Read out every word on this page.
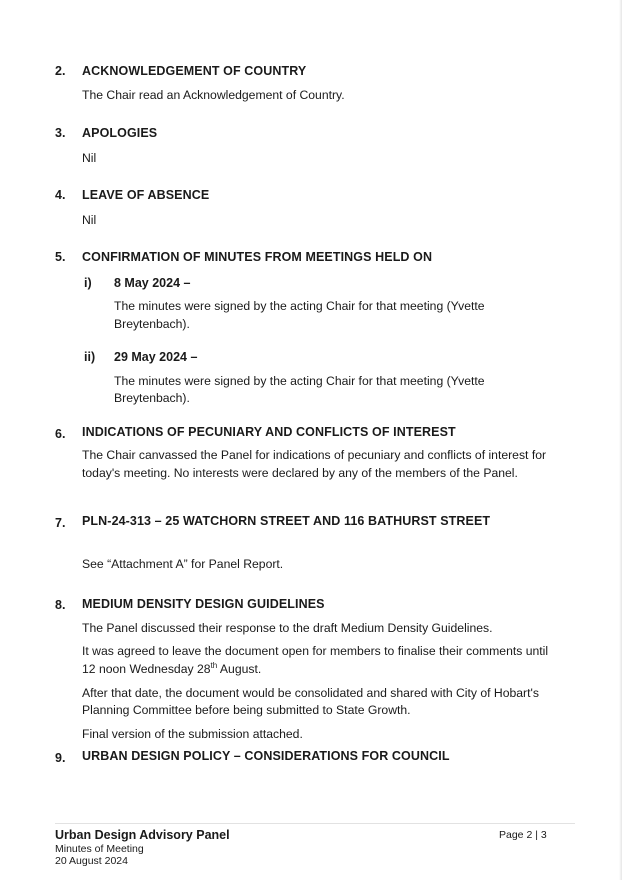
2. ACKNOWLEDGEMENT OF COUNTRY
The Chair read an Acknowledgement of Country.
3. APOLOGIES
Nil
4. LEAVE OF ABSENCE
Nil
5. CONFIRMATION OF MINUTES FROM MEETINGS HELD ON
i) 8 May 2024 –
The minutes were signed by the acting Chair for that meeting (Yvette
Breytenbach).
ii) 29 May 2024 –
The minutes were signed by the acting Chair for that meeting (Yvette
Breytenbach).
6. INDICATIONS OF PECUNIARY AND CONFLICTS OF INTEREST
The Chair canvassed the Panel for indications of pecuniary and conflicts of interest for
today's meeting. No interests were declared by any of the members of the Panel.
7. PLN-24-313 – 25 WATCHORN STREET AND 116 BATHURST STREET
See “Attachment A” for Panel Report.
8. MEDIUM DENSITY DESIGN GUIDELINES
The Panel discussed their response to the draft Medium Density Guidelines.
It was agreed to leave the document open for members to finalise their comments until
12 noon Wednesday 28th August.
After that date, the document would be consolidated and shared with City of Hobart's
Planning Committee before being submitted to State Growth.
Final version of the submission attached.
9. URBAN DESIGN POLICY – CONSIDERATIONS FOR COUNCIL
Urban Design Advisory Panel
Minutes of Meeting
20 August 2024
Page 2 | 3
